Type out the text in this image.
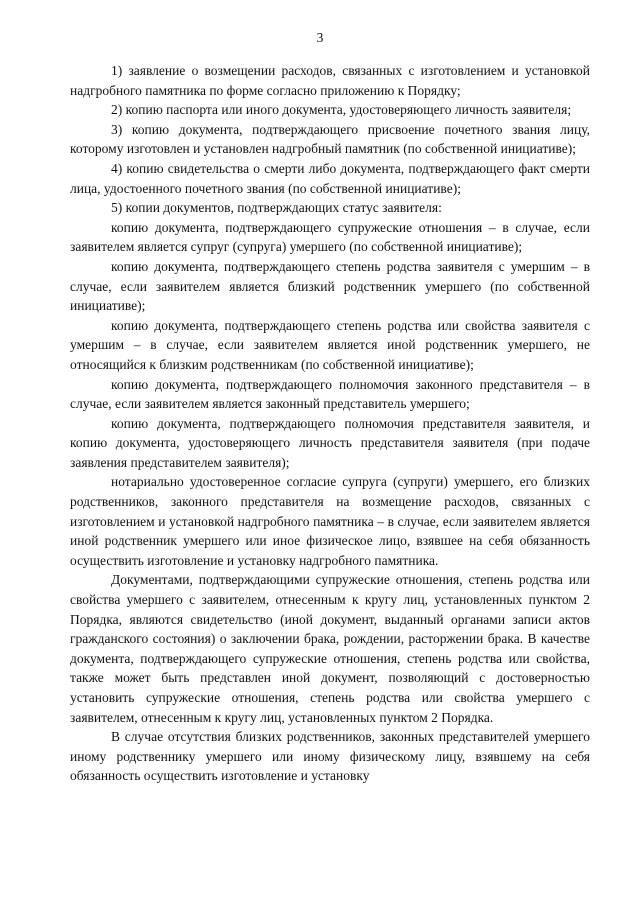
3

1) заявление о возмещении расходов, связанных с изготовлением и установкой надгробного памятника по форме согласно приложению к Порядку;

2) копию паспорта или иного документа, удостоверяющего личность заявителя;

3) копию документа, подтверждающего присвоение почетного звания лицу, которому изготовлен и установлен надгробный памятник (по собственной инициативе);

4) копию свидетельства о смерти либо документа, подтверждающего факт смерти лица, удостоенного почетного звания (по собственной инициативе);

5) копии документов, подтверждающих статус заявителя:

копию документа, подтверждающего супружеские отношения – в случае, если заявителем является супруг (супруга) умершего (по собственной инициативе);

копию документа, подтверждающего степень родства заявителя с умершим – в случае, если заявителем является близкий родственник умершего (по собственной инициативе);

копию документа, подтверждающего степень родства или свойства заявителя с умершим – в случае, если заявителем является иной родственник умершего, не относящийся к близким родственникам (по собственной инициативе);

копию документа, подтверждающего полномочия законного представителя – в случае, если заявителем является законный представитель умершего;

копию документа, подтверждающего полномочия представителя заявителя, и копию документа, удостоверяющего личность представителя заявителя (при подаче заявления представителем заявителя);

нотариально удостоверенное согласие супруга (супруги) умершего, его близких родственников, законного представителя на возмещение расходов, связанных с изготовлением и установкой надгробного памятника – в случае, если заявителем является иной родственник умершего или иное физическое лицо, взявшее на себя обязанность осуществить изготовление и установку надгробного памятника.

Документами, подтверждающими супружеские отношения, степень родства или свойства умершего с заявителем, отнесенным к кругу лиц, установленных пунктом 2 Порядка, являются свидетельство (иной документ, выданный органами записи актов гражданского состояния) о заключении брака, рождении, расторжении брака. В качестве документа, подтверждающего супружеские отношения, степень родства или свойства, также может быть представлен иной документ, позволяющий с достоверностью установить супружеские отношения, степень родства или свойства умершего с заявителем, отнесенным к кругу лиц, установленных пунктом 2 Порядка.

В случае отсутствия близких родственников, законных представителей умершего иному родственнику умершего или иному физическому лицу, взявшему на себя обязанность осуществить изготовление и установку
